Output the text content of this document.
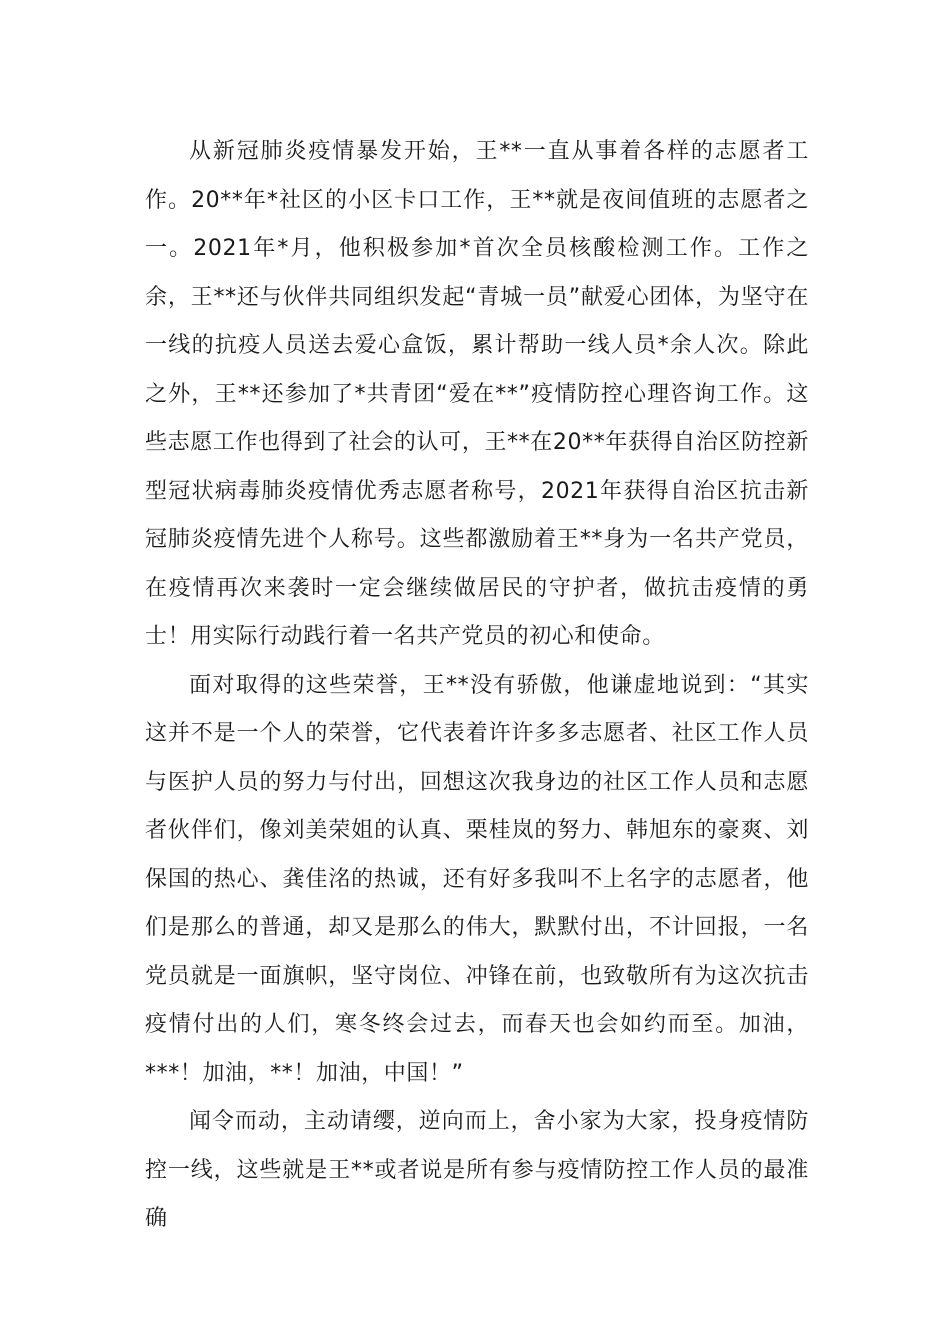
从新冠肺炎疫情暴发开始，王**一直从事着各样的志愿者工作。20**年*社区的小区卡口工作，王**就是夜间值班的志愿者之一。2021年*月，他积极参加*首次全员核酸检测工作。工作之余，王**还与伙伴共同组织发起“青城一员”献爱心团体，为坚守在一线的抗疫人员送去爱心盒饭，累计帮助一线人员*余人次。除此之外，王**还参加了*共青团“爱在**”疫情防控心理咨询工作。这些志愿工作也得到了社会的认可，王**在20**年获得自治区防控新型冠状病毒肺炎疫情优秀志愿者称号，2021年获得自治区抗击新冠肺炎疫情先进个人称号。这些都激励着王**身为一名共产党员，在疫情再次来袭时一定会继续做居民的守护者，做抗击疫情的勇士！用实际行动践行着一名共产党员的初心和使命。

面对取得的这些荣誉，王**没有骄傲，他谦虚地说到：“其实这并不是一个人的荣誉，它代表着许许多多志愿者、社区工作人员与医护人员的努力与付出，回想这次我身边的社区工作人员和志愿者伙伴们，像刘美荣姐的认真、栗桂岚的努力、韩旭东的豪爽、刘保国的热心、龚佳洺的热诚，还有好多我叫不上名字的志愿者，他们是那么的普通，却又是那么的伟大，默默付出，不计回报，一名党员就是一面旗帜，坚守岗位、冲锋在前，也致敬所有为这次抗击疫情付出的人们，寒冬终会过去，而春天也会如约而至。加油，***！加油，**！加油，中国！”

闻令而动，主动请缨，逆向而上，舍小家为大家，投身疫情防控一线，这些就是王**或者说是所有参与疫情防控工作人员的最准确
